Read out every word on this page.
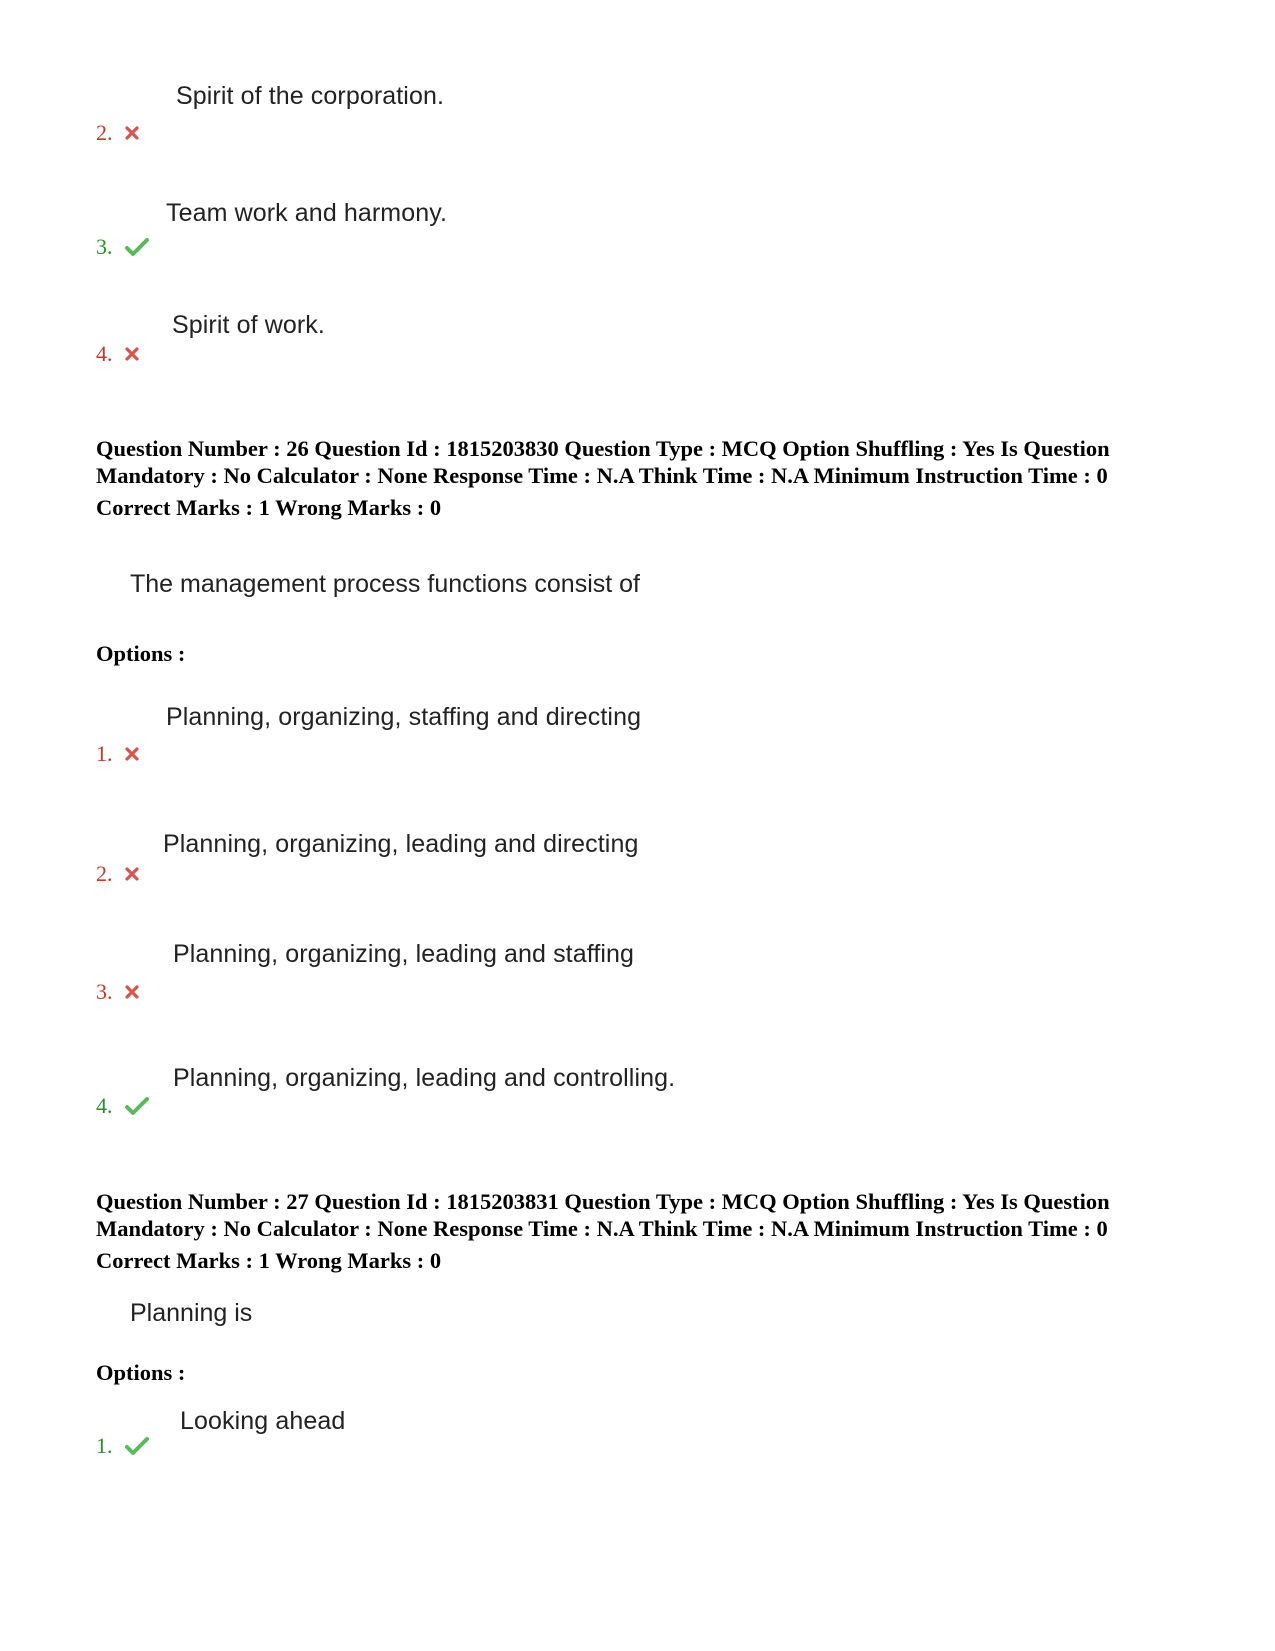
Spirit of the corporation.
2.
Team work and harmony.
3.
Spirit of work.
4.
Question Number : 26 Question Id : 1815203830 Question Type : MCQ Option Shuffling : Yes Is Question
Mandatory : No Calculator : None Response Time : N.A Think Time : N.A Minimum Instruction Time : 0
Correct Marks : 1 Wrong Marks : 0
The management process functions consist of
Options :
Planning, organizing, staffing and directing
1.
Planning, organizing, leading and directing
2.
Planning, organizing, leading and staffing
3.
Planning, organizing, leading and controlling.
4.
Question Number : 27 Question Id : 1815203831 Question Type : MCQ Option Shuffling : Yes Is Question
Mandatory : No Calculator : None Response Time : N.A Think Time : N.A Minimum Instruction Time : 0
Correct Marks : 1 Wrong Marks : 0
Planning is
Options :
Looking ahead
1.
